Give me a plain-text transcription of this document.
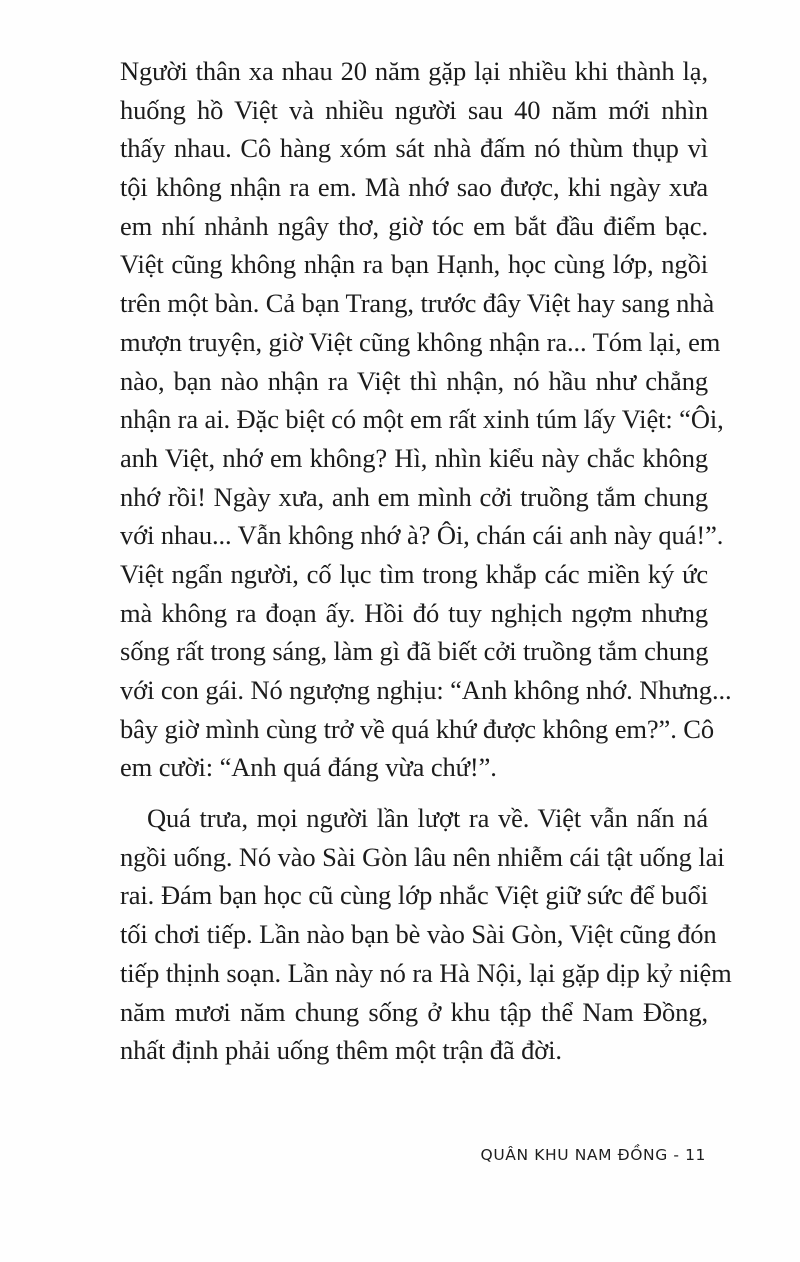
Người thân xa nhau 20 năm gặp lại nhiều khi thành lạ,
huống hồ Việt và nhiều người sau 40 năm mới nhìn
thấy nhau. Cô hàng xóm sát nhà đấm nó thùm thụp vì
tội không nhận ra em. Mà nhớ sao được, khi ngày xưa
em nhí nhảnh ngây thơ, giờ tóc em bắt đầu điểm bạc.
Việt cũng không nhận ra bạn Hạnh, học cùng lớp, ngồi
trên một bàn. Cả bạn Trang, trước đây Việt hay sang nhà
mượn truyện, giờ Việt cũng không nhận ra... Tóm lại, em
nào, bạn nào nhận ra Việt thì nhận, nó hầu như chẳng
nhận ra ai. Đặc biệt có một em rất xinh túm lấy Việt: “Ôi,
anh Việt, nhớ em không? Hì, nhìn kiểu này chắc không
nhớ rồi! Ngày xưa, anh em mình cởi truồng tắm chung
với nhau... Vẫn không nhớ à? Ôi, chán cái anh này quá!”.
Việt ngẩn người, cố lục tìm trong khắp các miền ký ức
mà không ra đoạn ấy. Hồi đó tuy nghịch ngợm nhưng
sống rất trong sáng, làm gì đã biết cởi truồng tắm chung
với con gái. Nó ngượng nghịu: “Anh không nhớ. Nhưng...
bây giờ mình cùng trở về quá khứ được không em?”. Cô
em cười: “Anh quá đáng vừa chứ!”.

Quá trưa, mọi người lần lượt ra về. Việt vẫn nấn ná
ngồi uống. Nó vào Sài Gòn lâu nên nhiễm cái tật uống lai
rai. Đám bạn học cũ cùng lớp nhắc Việt giữ sức để buổi
tối chơi tiếp. Lần nào bạn bè vào Sài Gòn, Việt cũng đón
tiếp thịnh soạn. Lần này nó ra Hà Nội, lại gặp dịp kỷ niệm
năm mươi năm chung sống ở khu tập thể Nam Đồng,
nhất định phải uống thêm một trận đã đời.

QUÂN KHU NAM ĐỒNG - 11
